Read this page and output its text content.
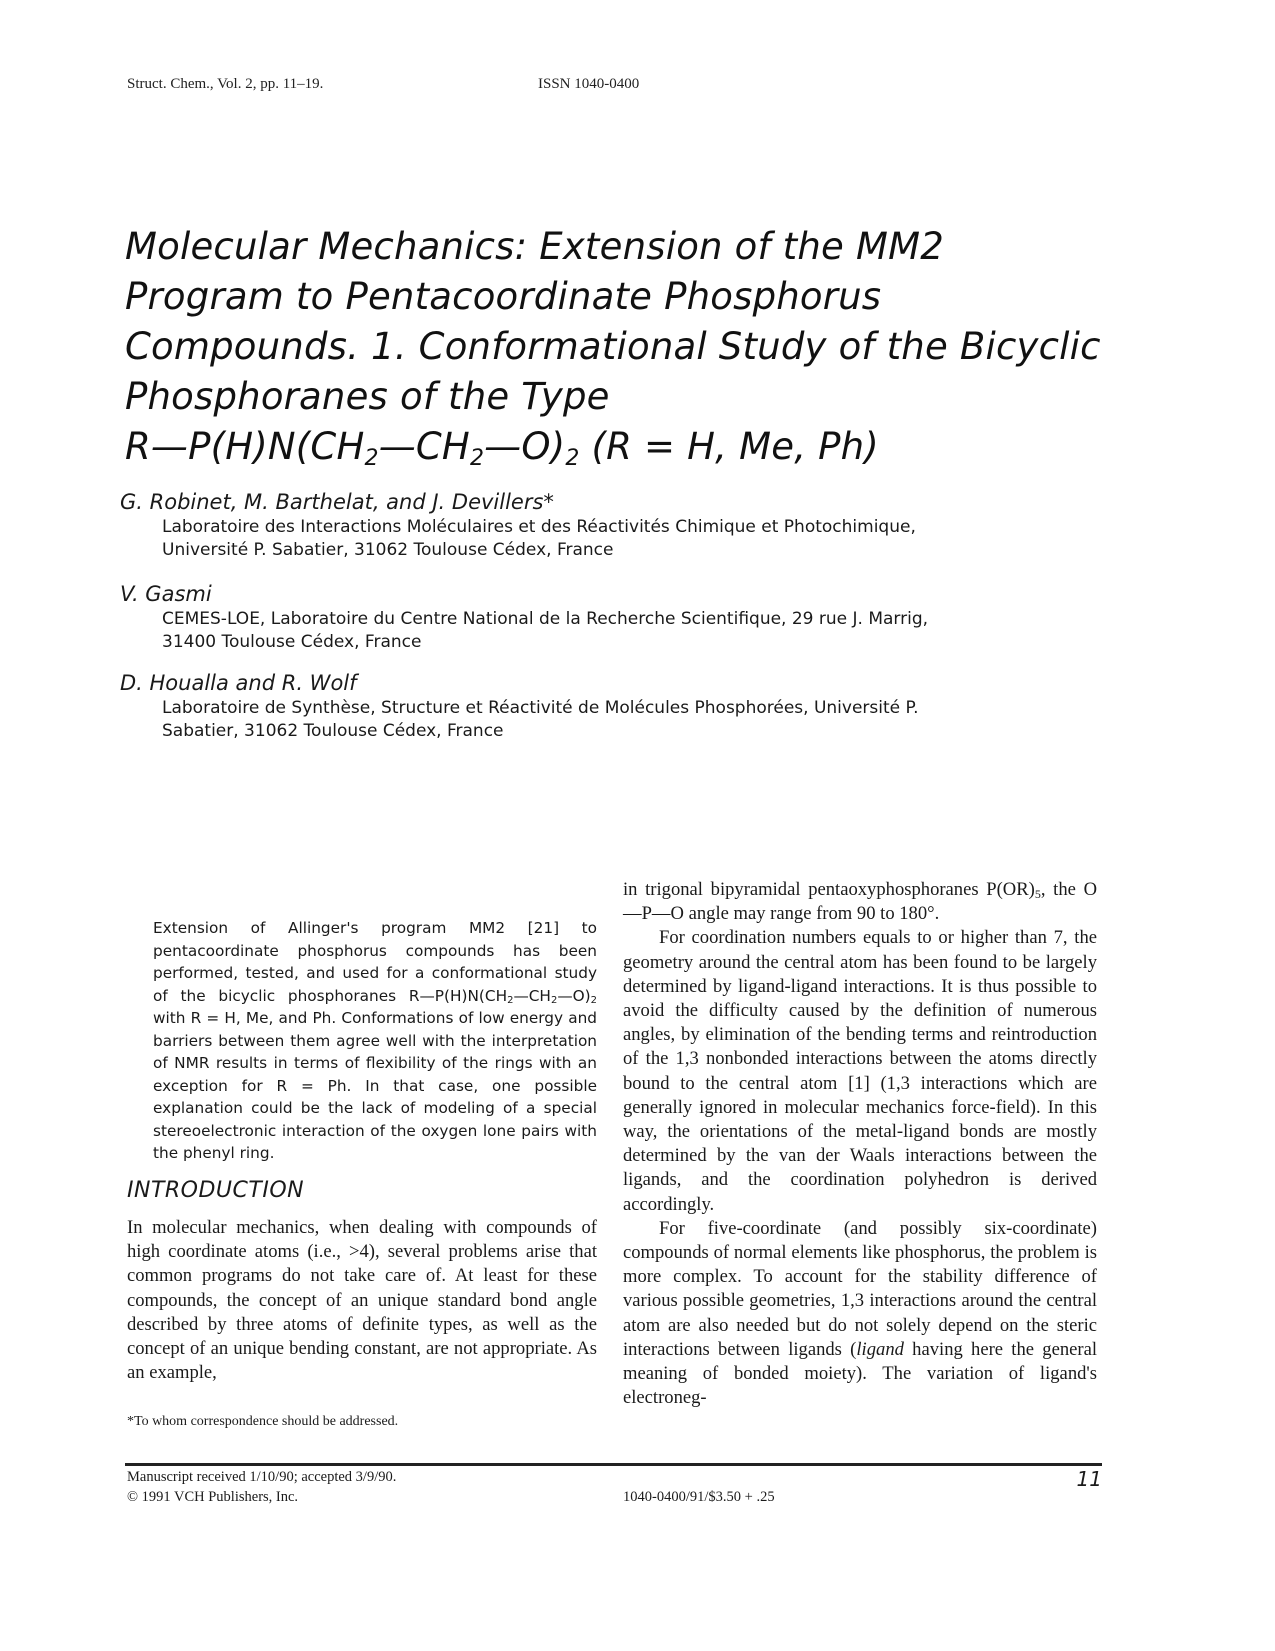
Struct. Chem., Vol. 2, pp. 11–19.	ISSN 1040-0400
Molecular Mechanics: Extension of the MM2
Program to Pentacoordinate Phosphorus
Compounds. 1. Conformational Study of the Bicyclic
Phosphoranes of the Type
$R—P(H)N(CH_2—CH_2—O)_2$ (R = H, Me, Ph)
G. Robinet, M. Barthelat, and J. Devillers*
Laboratoire des Interactions Moléculaires et des Réactivités Chimique et Photochimique,
Université P. Sabatier, 31062 Toulouse Cédex, France
V. Gasmi
CEMES-LOE, Laboratoire du Centre National de la Recherche Scientifique, 29 rue J. Marrig,
31400 Toulouse Cédex, France
D. Houalla and R. Wolf
Laboratoire de Synthèse, Structure et Réactivité de Molécules Phosphorées, Université P.
Sabatier, 31062 Toulouse Cédex, France
Extension of Allinger's program MM2 [21] to pentacoordinate phosphorus compounds has been performed, tested, and used for a conformational study of the bicyclic phosphoranes $R—P(H)N(CH_2—CH_2—O)_2$ with R = H, Me, and Ph. Conformations of low energy and barriers between them agree well with the interpretation of NMR results in terms of flexibility of the rings with an exception for R = Ph. In that case, one possible explanation could be the lack of modeling of a special stereoelectronic interaction of the oxygen lone pairs with the phenyl ring.
INTRODUCTION

In molecular mechanics, when dealing with compounds of high coordinate atoms (i.e., >4), several problems arise that common programs do not take care of. At least for these compounds, the concept of an unique standard bond angle described by three atoms of definite types, as well as the concept of an unique bending constant, are not appropriate. As an example,

*To whom correspondence should be addressed.

in trigonal bipyramidal pentaoxyphosphoranes $P(OR)_5$, the O—P—O angle may range from 90 to 180°.

For coordination numbers equals to or higher than 7, the geometry around the central atom has been found to be largely determined by ligand-ligand interactions. It is thus possible to avoid the difficulty caused by the definition of numerous angles, by elimination of the bending terms and reintroduction of the 1,3 nonbonded interactions between the atoms directly bound to the central atom [1] (1,3 interactions which are generally ignored in molecular mechanics force-field). In this way, the orientations of the metal-ligand bonds are mostly determined by the van der Waals interactions between the ligands, and the coordination polyhedron is derived accordingly.

For five-coordinate (and possibly six-coordinate) compounds of normal elements like phosphorus, the problem is more complex. To account for the stability difference of various possible geometries, 1,3 interactions around the central atom are also needed but do not solely depend on the steric interactions between ligands (ligand having here the general meaning of bonded moiety). The variation of ligand's electroneg-

Manuscript received 1/10/90; accepted 3/9/90.
© 1991 VCH Publishers, Inc.	1040-0400/91/$3.50 + .25
11
